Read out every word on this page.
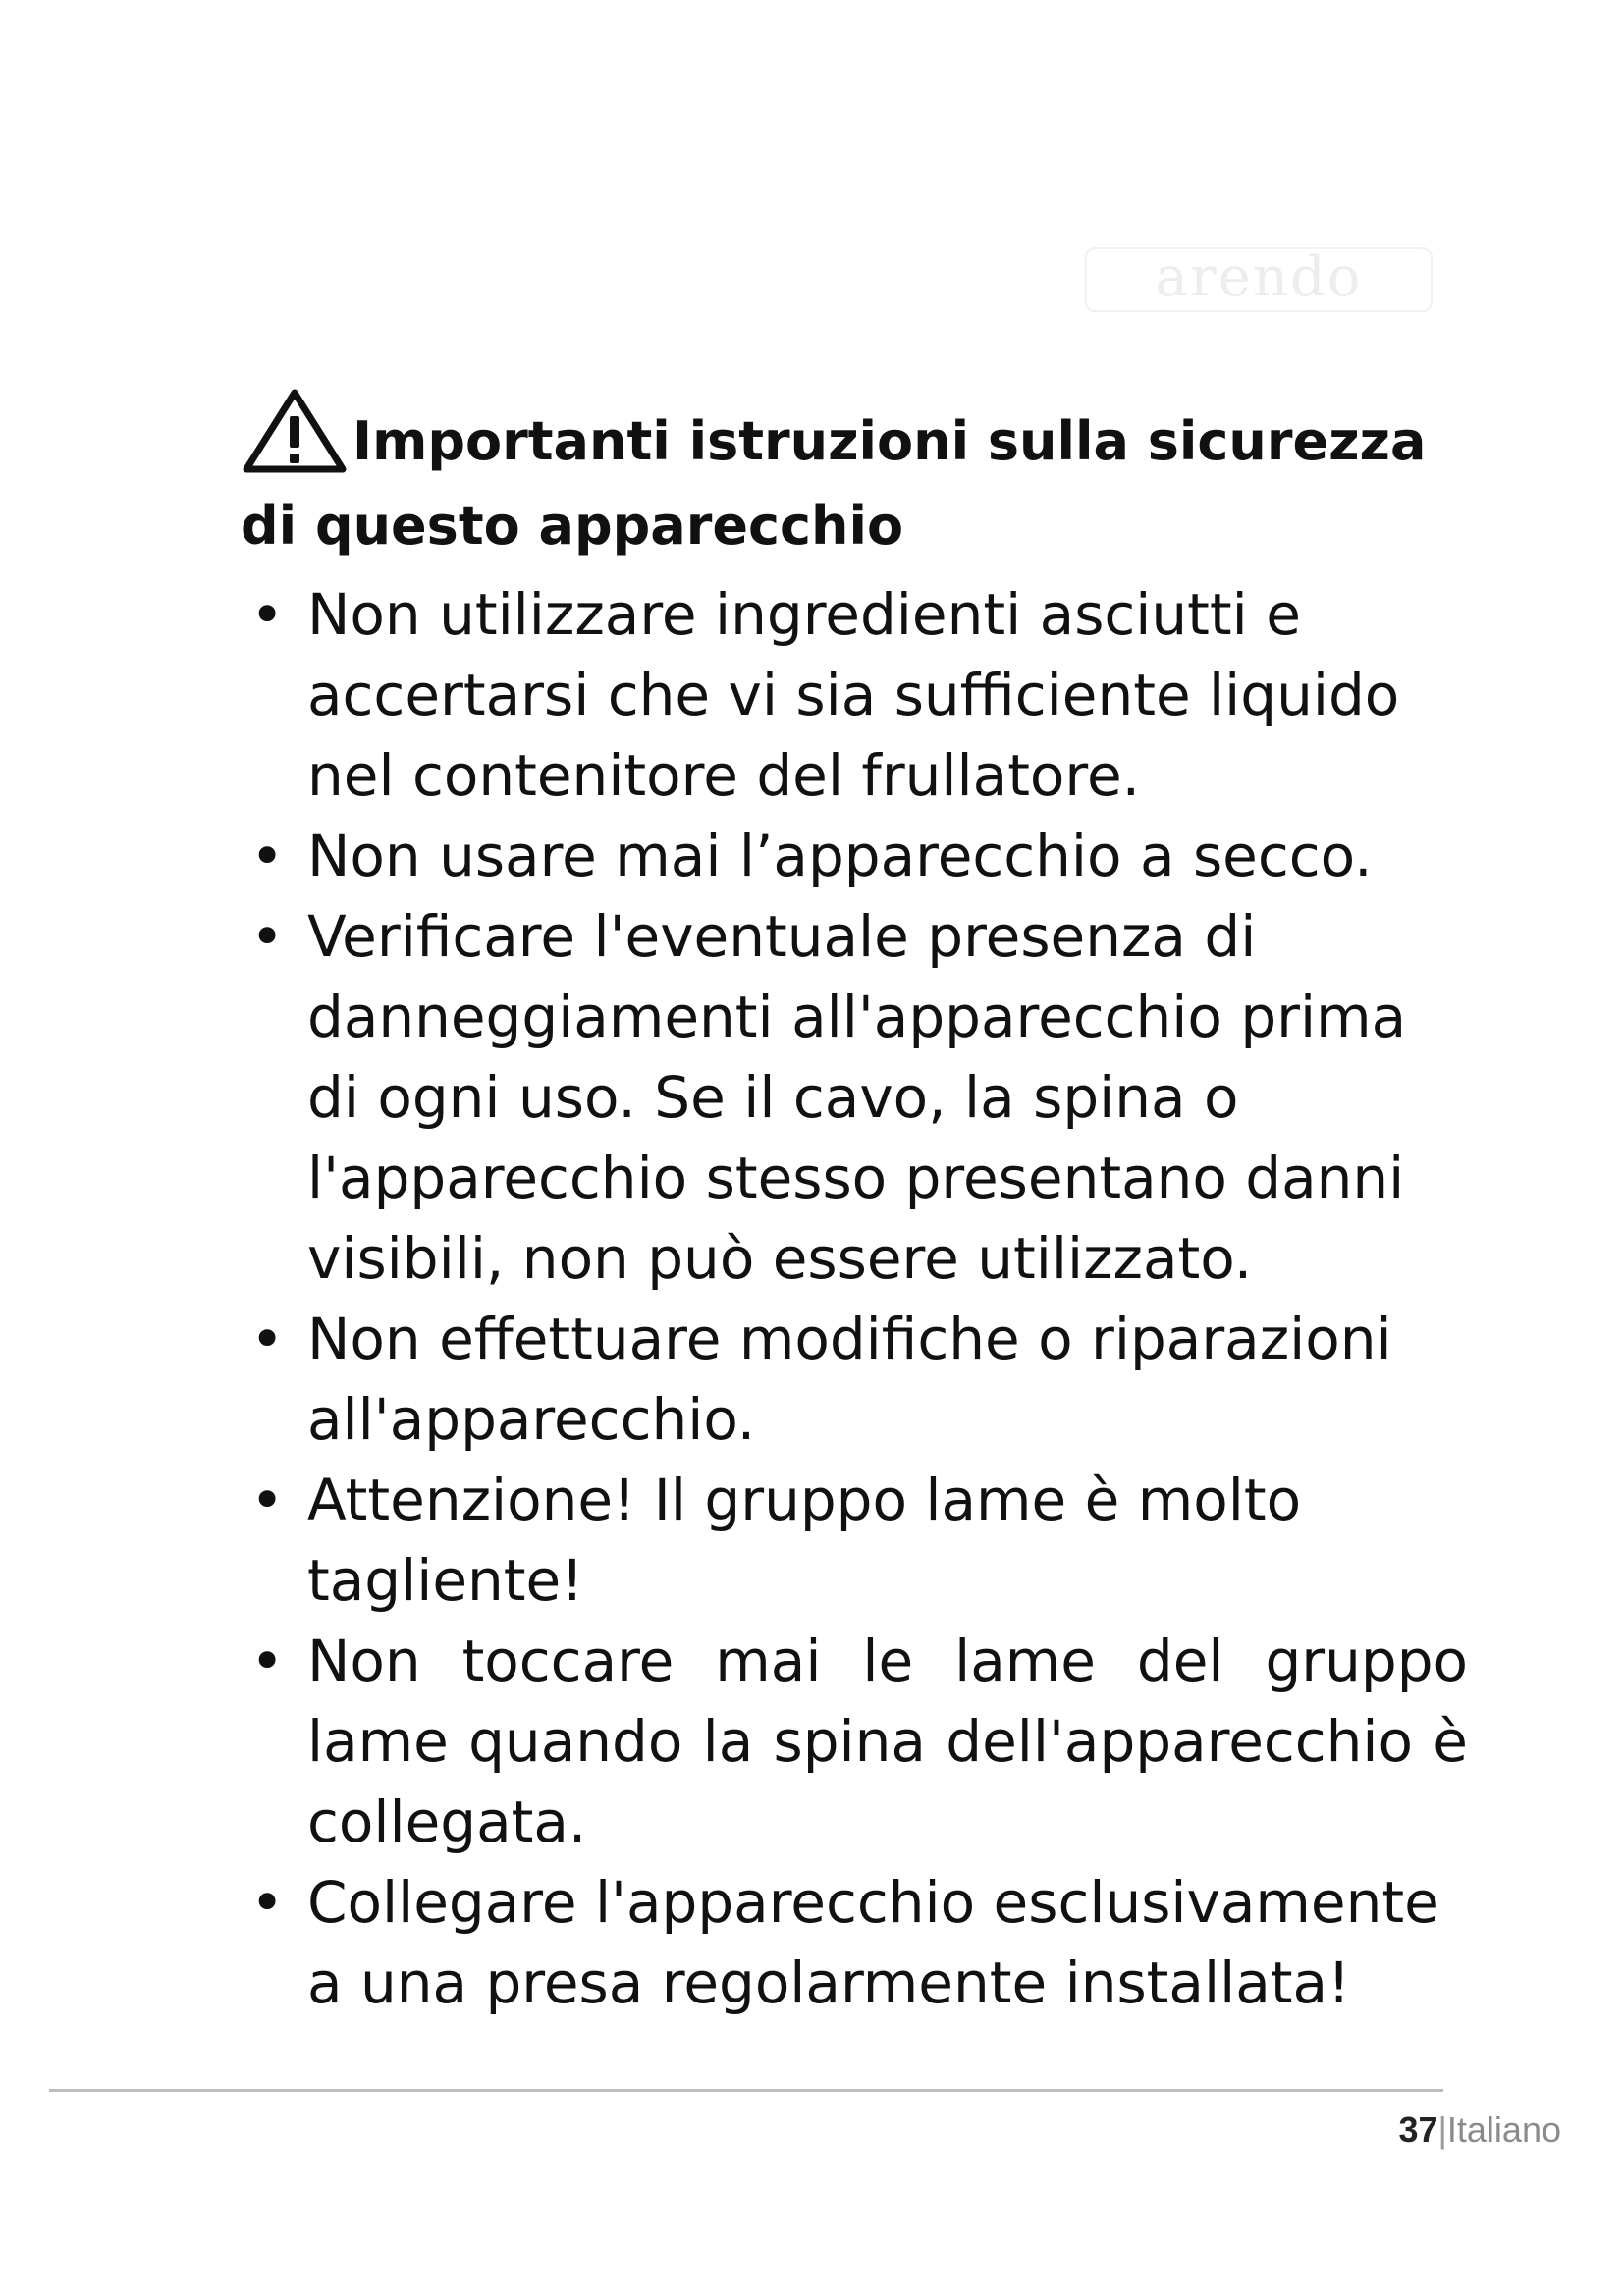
arendo
Importanti istruzioni sulla sicurezza di questo apparecchio
• Non utilizzare ingredienti asciutti e accertarsi che vi sia sufficiente liquido nel contenitore del frullatore.
• Non usare mai l’apparecchio a secco.
• Verificare l'eventuale presenza di danneggiamenti all'apparecchio prima di ogni uso. Se il cavo, la spina o l'apparecchio stesso presentano danni visibili, non può essere utilizzato.
• Non effettuare modifiche o riparazioni all'apparecchio.
• Attenzione! Il gruppo lame è molto tagliente!
• Non toccare mai le lame del gruppo lame quando la spina dell'apparecchio è collegata.
• Collegare l'apparecchio esclusivamente a una presa regolarmente installata!
37|Italiano
